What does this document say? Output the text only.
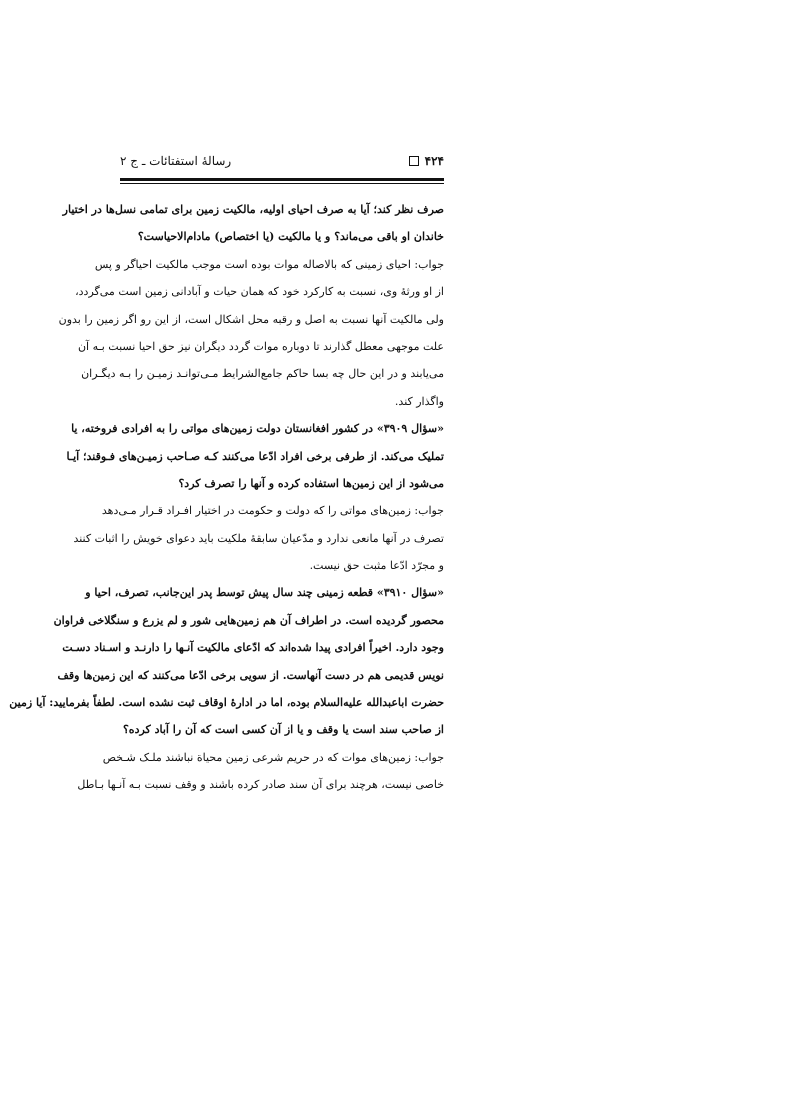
۴۲۴
رسالهٔ استفتائات ـ ج ۲
صرف نظر کند؛ آیا به صرف احیای اولیه، مالکیت زمین برای تمامی نسل‌ها در اختیار
خاندان او باقی می‌ماند؟ و یا مالکیت (یا اختصاص) مادام‌الاحیاست؟
جواب: احیای زمینی که بالاصاله موات بوده است موجب مالکیت احیاگر و پس
از او ورثهٔ وی، نسبت به کارکرد خود که همان حیات و آبادانی زمین است می‌گردد،
ولی مالکیت آنها نسبت به اصل و رقبه محل اشکال است، از این رو اگر زمین را بدون
علت موجهی معطل گذارند تا دوباره موات گردد دیگران نیز حق احیا نسبت بـه آن
می‌یابند و در این حال چه بسا حاکم جامع‌الشرایط مـی‌توانـد زمیـن را بـه دیگـران
واگذار کند.
«سؤال ۳۹۰۹» در کشور افغانستان دولت زمین‌های مواتی را به افرادی فروخته، یا
تملیک می‌کند. از طرفی برخی افراد ادّعا می‌کنند کـه صـاحب زمیـن‌های فـوقند؛ آیـا
می‌شود از این زمین‌ها استفاده کرده و آنها را تصرف کرد؟
جواب: زمین‌های مواتی را که دولت و حکومت در اختیار افـراد قـرار مـی‌دهد
تصرف در آنها مانعی ندارد و مدّعیان سابقهٔ ملکیت باید دعوای خویش را اثبات کنند
و مجرّد ادّعا مثبت حق نیست.
«سؤال ۳۹۱۰» قطعه زمینی چند سال پیش توسط پدر این‌جانب، تصرف، احیا و
محصور گردیده است. در اطراف آن هم زمین‌هایی شور و لم یزرع و سنگلاخی فراوان
وجود دارد. اخیراً افرادی پیدا شده‌اند که ادّعای مالکیت آنـها را دارنـد و اسـناد دسـت
نویس قدیمی هم در دست آنهاست. از سویی برخی ادّعا می‌کنند که این زمین‌ها وقف
حضرت اباعبدالله علیه‌السلام بوده، اما در ادارهٔ اوقاف ثبت نشده است. لطفاً بفرمایید: آیا زمین
از صاحب سند است یا وقف و یا از آن کسی است که آن را آباد کرده؟
جواب: زمین‌های موات که در حریم شرعی زمین محیاة نباشند ملـک شـخص
خاصی نیست، هرچند برای آن سند صادر کرده باشند و وقف نسبت بـه آنـها بـاطل
